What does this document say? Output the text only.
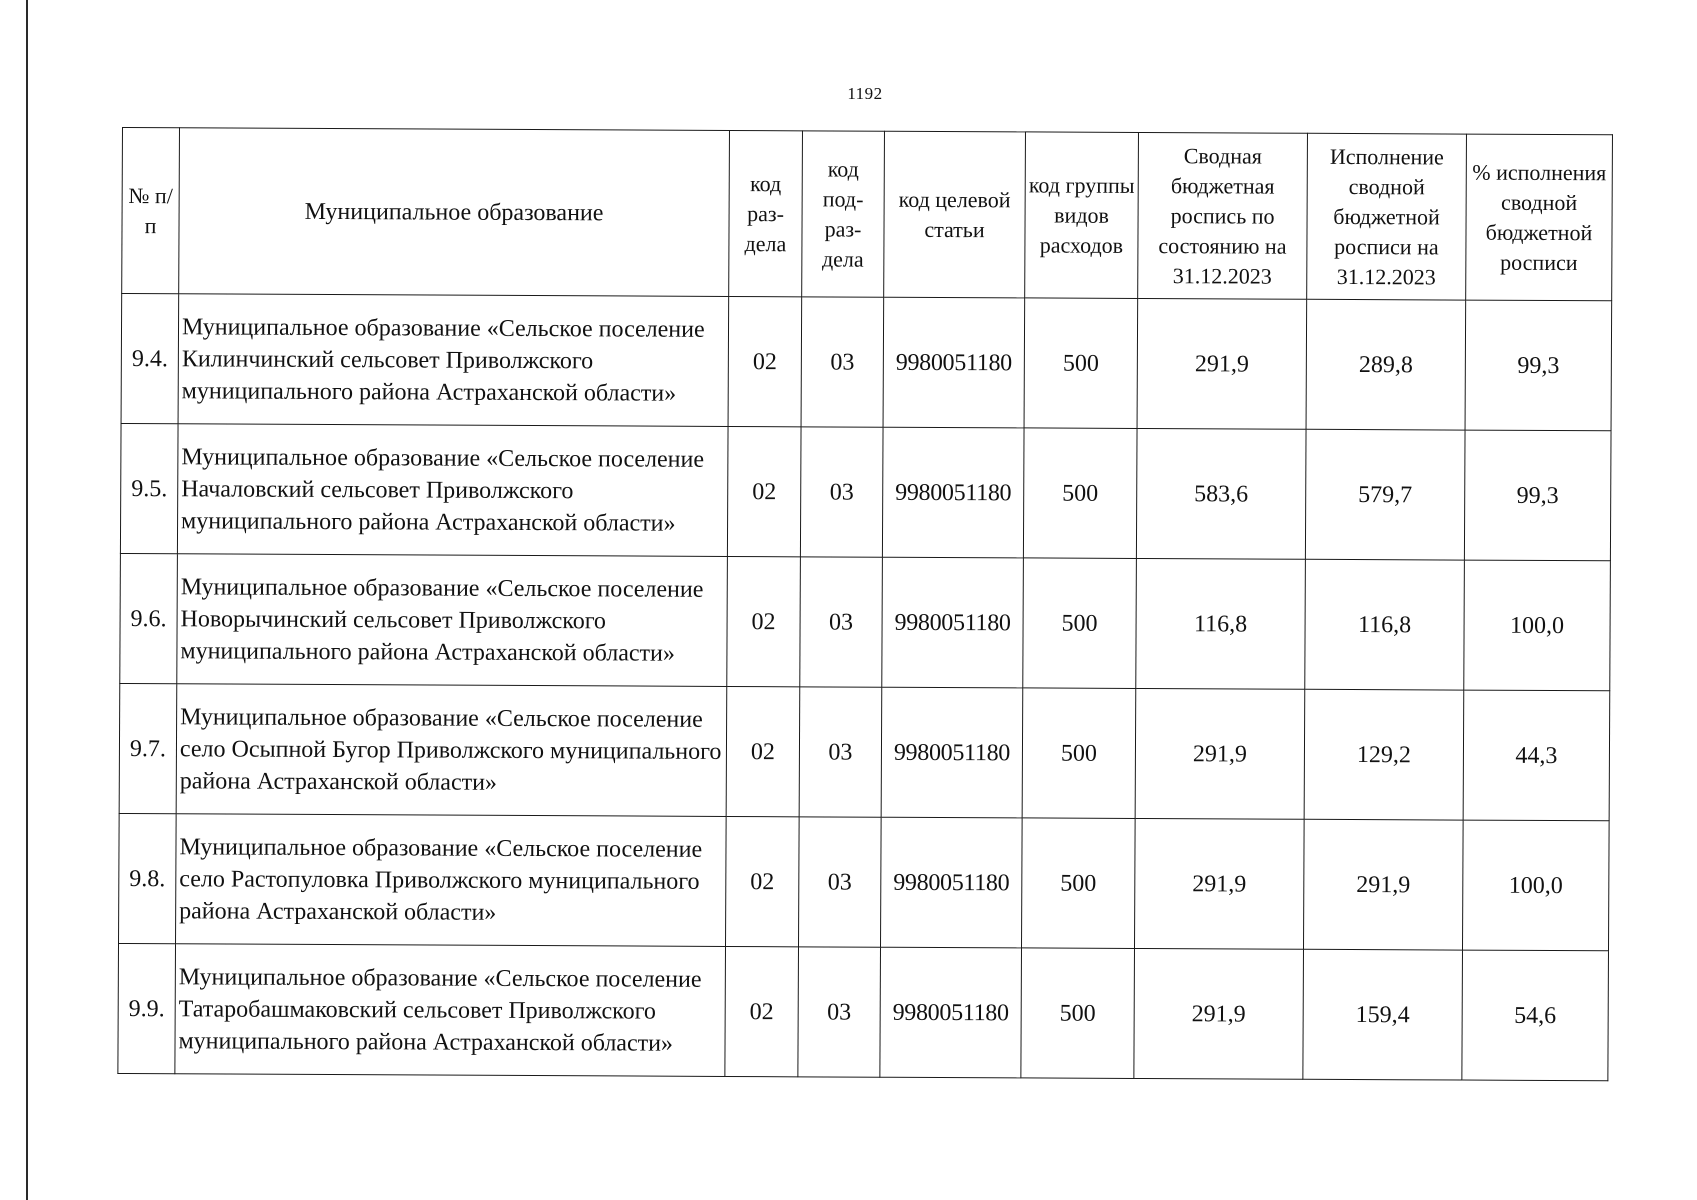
1192
№ п/п	Муниципальное образование	код раз-дела	код под-раз-дела	код целевой статьи	код группы видов расходов	Сводная бюджетная роспись по состоянию на 31.12.2023	Исполнение сводной бюджетной росписи на 31.12.2023	% исполнения сводной бюджетной росписи
9.4.	Муниципальное образование «Сельское поселение Килинчинский сельсовет Приволжского муниципального района Астраханской области»	02	03	9980051180	500	291,9	289,8	99,3
9.5.	Муниципальное образование «Сельское поселение Началовский сельсовет Приволжского муниципального района Астраханской области»	02	03	9980051180	500	583,6	579,7	99,3
9.6.	Муниципальное образование «Сельское поселение Новорычинский сельсовет Приволжского муниципального района Астраханской области»	02	03	9980051180	500	116,8	116,8	100,0
9.7.	Муниципальное образование «Сельское поселение село Осыпной Бугор Приволжского муниципального района Астраханской области»	02	03	9980051180	500	291,9	129,2	44,3
9.8.	Муниципальное образование «Сельское поселение село Растопуловка Приволжского муниципального района Астраханской области»	02	03	9980051180	500	291,9	291,9	100,0
9.9.	Муниципальное образование «Сельское поселение Татаробашмаковский сельсовет Приволжского муниципального района Астраханской области»	02	03	9980051180	500	291,9	159,4	54,6
